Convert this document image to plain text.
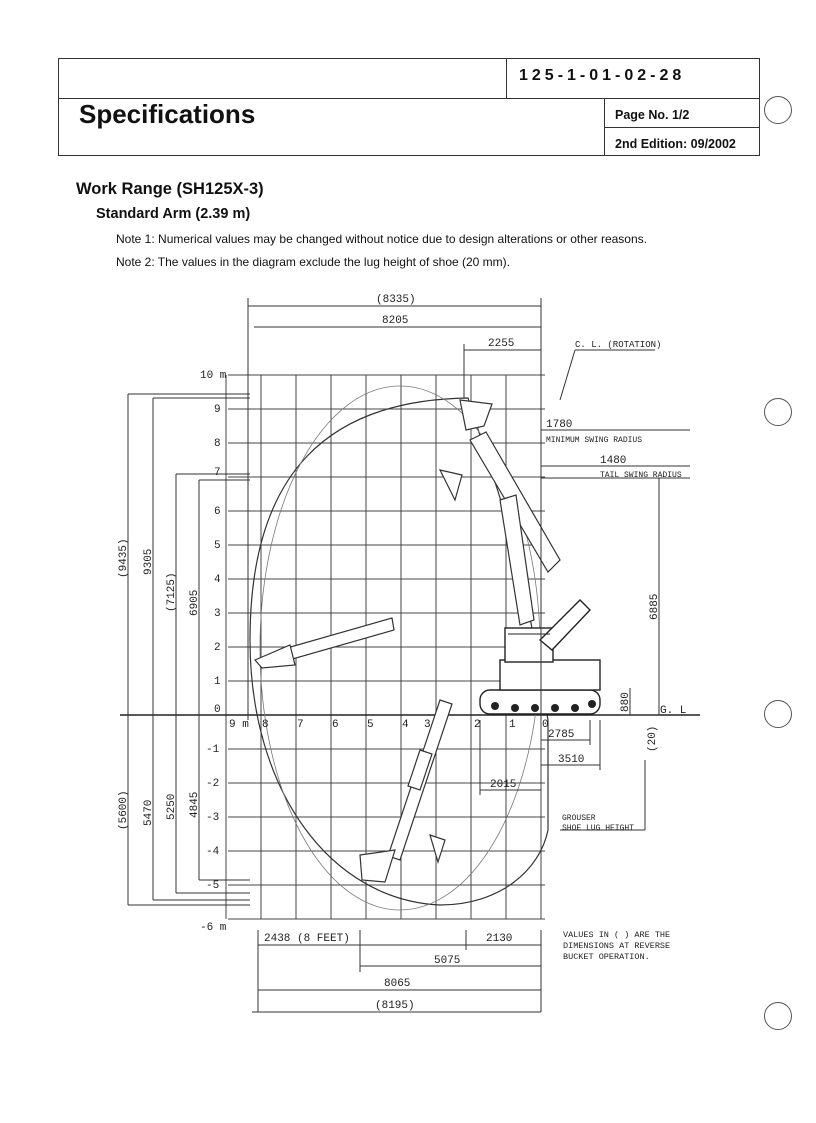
125-1-01-02-28
Specifications	Page No. 1/2
2nd Edition: 09/2002
Work Range (SH125X-3)
Standard Arm (2.39 m)
Note 1: Numerical values may be changed without notice due to design alterations or other reasons.
Note 2: The values in the diagram exclude the lug height of shoe (20 mm).
(8335)
8205
2255	C. L. (ROTATION)
1780
MINIMUM SWING RADIUS
1480
TAIL SWING RADIUS
G. L
2785
3510
2015
GROUSER
SHOE LUG HEIGHT
2438 (8 FEET)	2130
5075
8065
(8195)
VALUES IN ( ) ARE THE
DIMENSIONS AT REVERSE
BUCKET OPERATION.
10 m
9
8
7
6
5
4
3
2
1
0
-1
-2
-3
-4
-5
-6 m
9 m 8	7	6	5	4 3	2	1 0
(9435) 9305
(7125) 6905
(5600) 5470 5250 4845
6885
880
(20)
